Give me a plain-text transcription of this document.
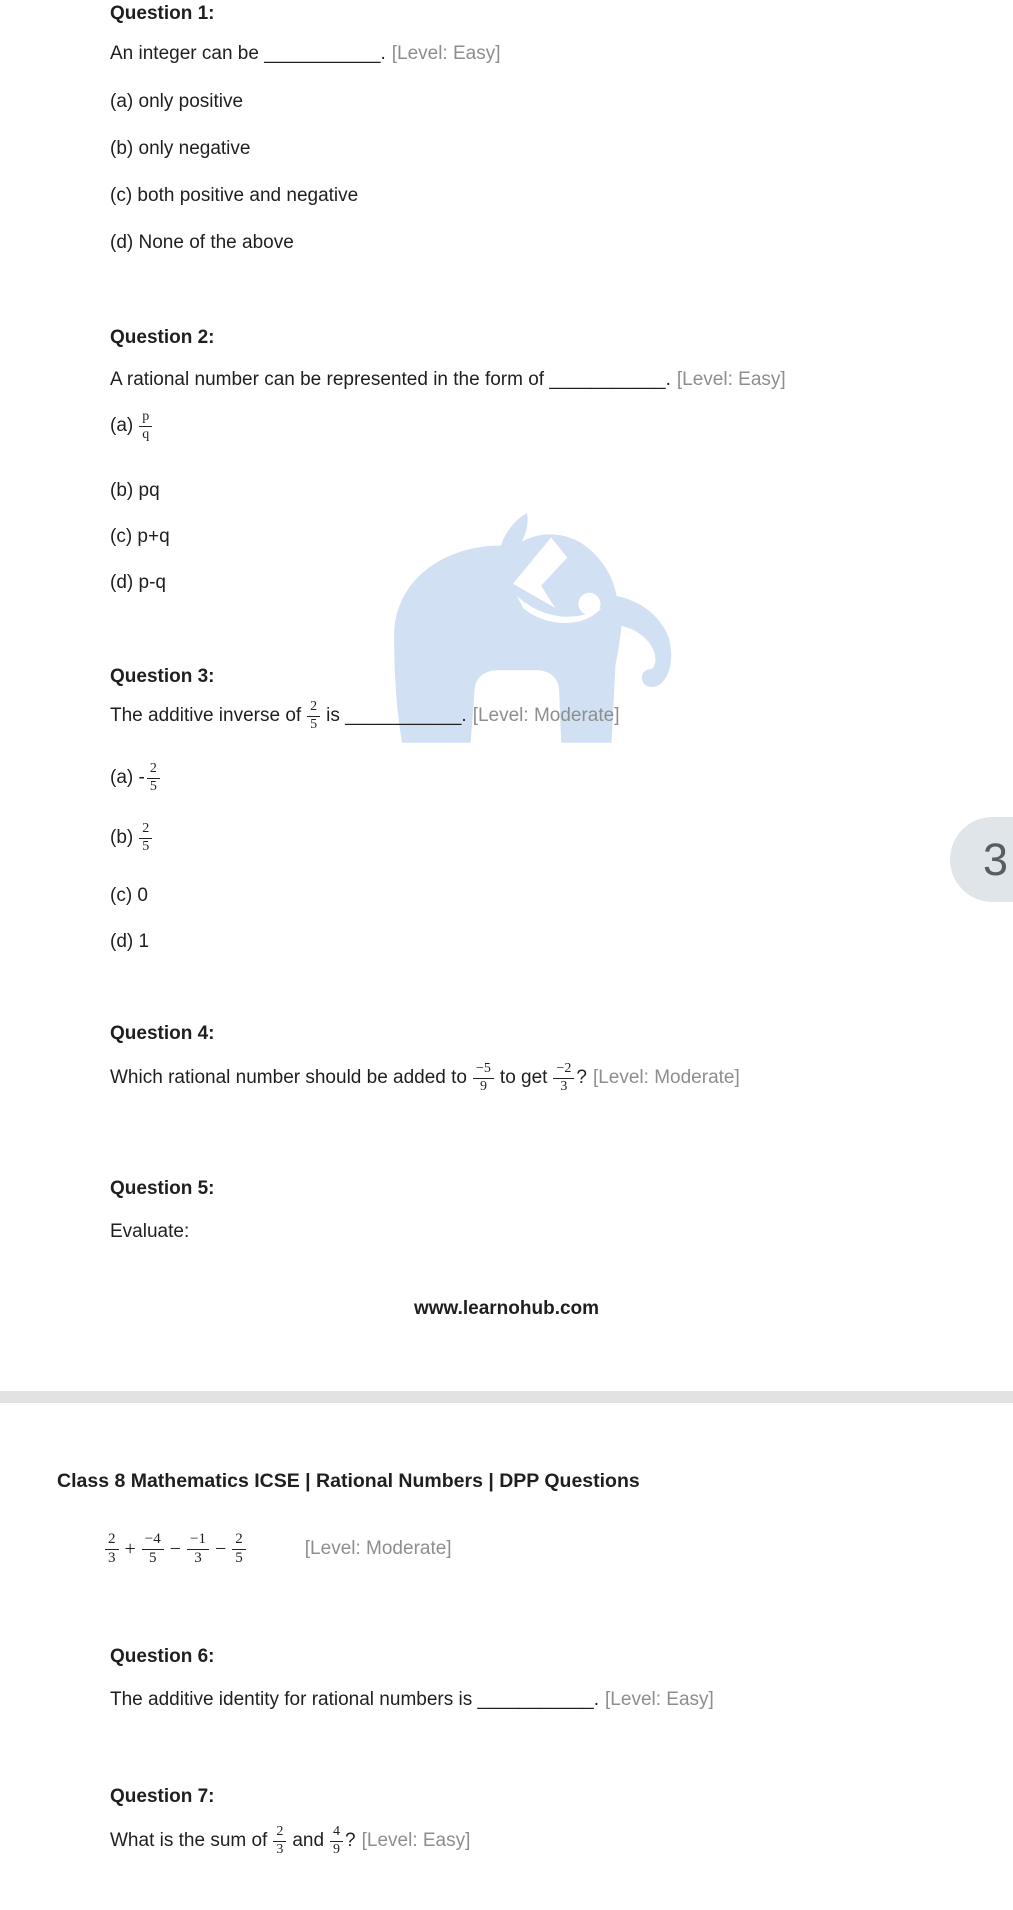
Question 1:
An integer can be ___________. [Level: Easy]
(a) only positive
(b) only negative
(c) both positive and negative
(d) None of the above
Question 2:
A rational number can be represented in the form of ___________. [Level: Easy]
$(a) \frac{p}{q}$
(b) pq
(c) p+q
(d) p-q
Question 3:
The additive inverse of $\frac{2}{5}$ is ___________. [Level: Moderate]
$(a) - \frac{2}{5}$
$(b) \frac{2}{5}$
(c) 0
(d) 1
Question 4:
Which rational number should be added to $\frac{-5}{9}$ to get $\frac{-2}{3}$ ? [Level: Moderate]
Question 5:
Evaluate:
www.learnohub.com
Class 8 Mathematics ICSE | Rational Numbers | DPP Questions
$\frac{2}{3} + \frac{-4}{5} - \frac{-1}{3} - \frac{2}{5}$	[Level: Moderate]
Question 6:
The additive identity for rational numbers is ___________. [Level: Easy]
Question 7:
What is the sum of $\frac{2}{3}$ and $\frac{4}{9}$ ? [Level: Easy]
3
